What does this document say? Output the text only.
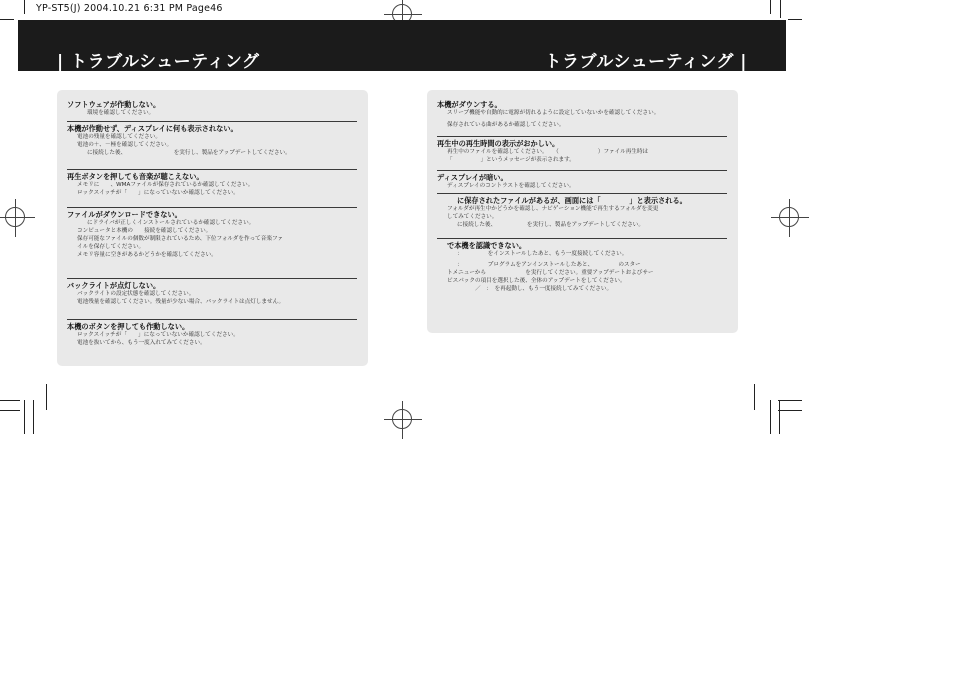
YP-ST5(J) 2004.10.21 6:31 PM Page46
| トラブルシューティング	トラブルシューティング |

ソフトウェアが作動しない。

環境を確認してください。

本機が作動せず、ディスプレイに何も表示されない。

電池の残量を確認してください。

電池の＋、－極を確認してください。

に接続した後、　　　　　　　　　を実行し、製品をアップデートしてください。

再生ボタンを押しても音楽が聴こえない。

メモリに　　、WMAファイルが保存されているか確認してください。

ロックスイッチが「　　」になっていないか確認してください。

ファイルがダウンロードできない。

にドライバが正しくインストールされているか確認してください。

コンピュータと本機の　　接続を確認してください。

保存可能なファイルの個数が制限されているため、下位フォルダを作って音楽ファ

イルを保存してください。

メモリ容量に空きがあるかどうかを確認してください。

バックライトが点灯しない。

バックライトの設定状態を確認してください。

電池残量を確認してください。残量が少ない場合、バックライトは点灯しません。

本機のボタンを押しても作動しない。

ロックスイッチが「　　」になっていないか確認してください。

電池を抜いてから、もう一度入れてみてください。

本機がダウンする。

スリープ機能や自動的に電源が切れるように設定していないかを確認してください。

保存されている曲があるか確認してください。

再生中の再生時間の表示がおかしい。

再生中のファイルを確認してください。　　（　　　　　　　）ファイル再生時は

「　　　　　」というメッセージが表示されます。

ディスプレイが暗い。

ディスプレイのコントラストを確認してください。

に保存されたファイルがあるが、画面には「　　　　」と表示される。

フォルダが再生中かどうかを確認し、ナビゲーション機能で再生するフォルダを変更

してみてください。

に接続した後、　　　　　　を実行し、製品をアップデートしてください。

で本機を認識できない。

：　　　　　をインストールしたあと、もう一度接続してください。

：　　　　　プログラムをアンインストールしたあと、　　　　　のスター

トメニューから　　　　　　　を実行してください。重要アップデートおよびサー

ビスパックの項目を選択した後、全体のアップデートをしてください。

／　：　を再起動し、もう一度接続してみてください。
